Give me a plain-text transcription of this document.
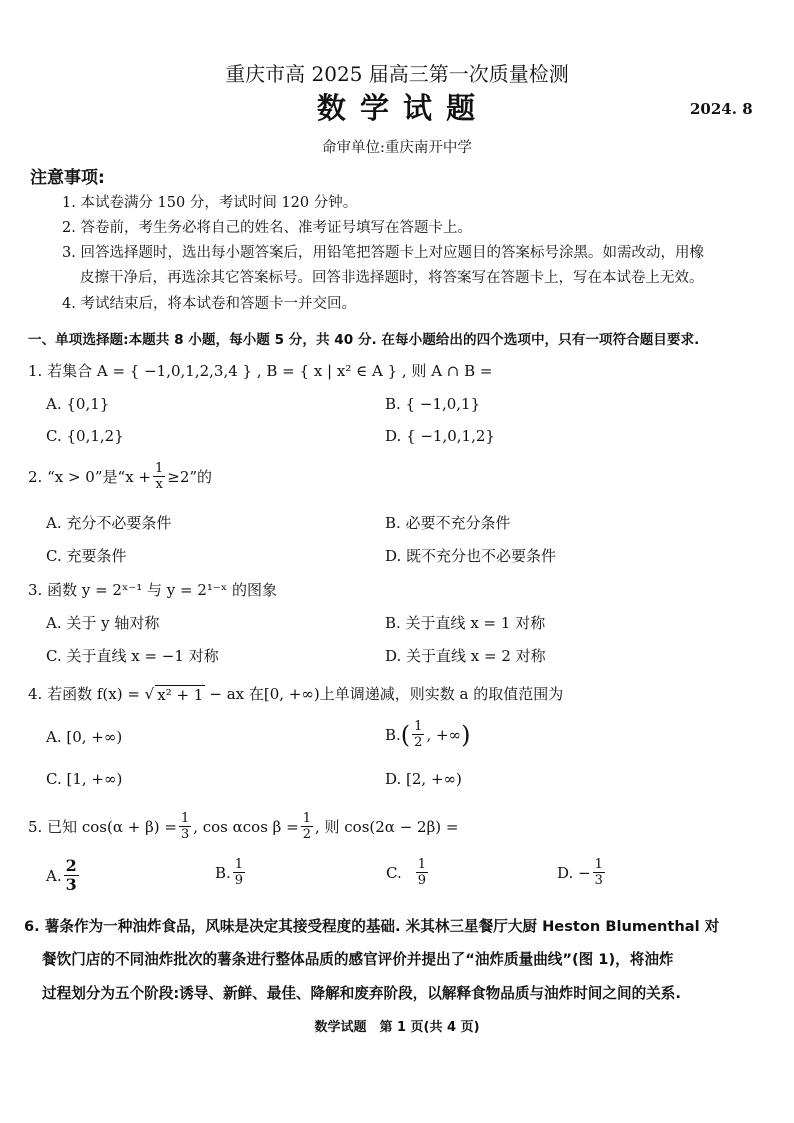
重庆市高 2025 届高三第一次质量检测
数 学 试 题	2024. 8
命审单位:重庆南开中学
注意事项:
1. 本试卷满分 150 分，考试时间 120 分钟。
2. 答卷前，考生务必将自己的姓名、准考证号填写在答题卡上。
3. 回答选择题时，选出每小题答案后，用铅笔把答题卡上对应题目的答案标号涂黑。如需改动，用橡
皮擦干净后，再选涂其它答案标号。回答非选择题时，将答案写在答题卡上，写在本试卷上无效。
4. 考试结束后，将本试卷和答题卡一并交回。
一、单项选择题:本题共 8 小题，每小题 5 分，共 40 分. 在每小题给出的四个选项中，只有一项符合题目要求.
1. 若集合 A = { −1,0,1,2,3,4 } , B = { x | x² ∈ A } , 则 A ∩ B =
A. {0,1}	B. { −1,0,1}
C. {0,1,2}	D. { −1,0,1,2}
2. “x > 0”是“$x + \frac{1}{x} \ge 2$”的
A. 充分不必要条件	B. 必要不充分条件
C. 充要条件	D. 既不充分也不必要条件
3. 函数 y = 2ˣ⁻¹ 与 y = 2¹⁻ˣ 的图象
A. 关于 y 轴对称	B. 关于直线 x = 1 对称
C. 关于直线 x = −1 对称	D. 关于直线 x = 2 对称
4. 若函数 f(x) = √ x² + 1 − ax 在[0, +∞)上单调递减，则实数 a 的取值范围为
A. [0, +∞)	B. ( $\frac{1}{2}$ , +∞ )
C. [1, +∞)	D. [2, +∞)
5. 已知 $\cos(\alpha + \beta) = \frac{1}{3}$ , cos αcos $\beta = \frac{1}{2}$ , 则 cos(2α − 2β) =
A. $\frac{2}{3}$	B. $\frac{1}{9}$	C. $\frac{1}{9}$	D. − $\frac{1}{3}$
6. 薯条作为一种油炸食品，风味是决定其接受程度的基础. 米其林三星餐厅大厨 Heston Blumenthal 对
餐饮门店的不同油炸批次的薯条进行整体品质的感官评价并提出了“油炸质量曲线”(图 1)，将油炸
过程划分为五个阶段:诱导、新鲜、最佳、降解和废弃阶段，以解释食物品质与油炸时间之间的关系.
数学试题　第 1 页(共 4 页)
